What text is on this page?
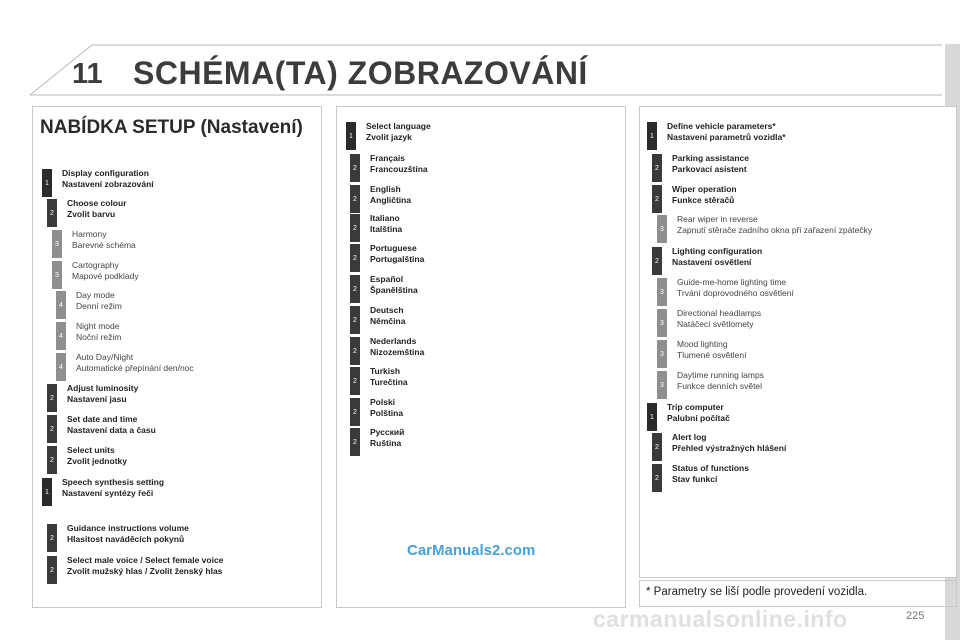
11 SCHÉMA(TA) ZOBRAZOVÁNÍ
NABÍDKA SETUP (Nastavení)
1
Display configuration
Nastavení zobrazování
2
Choose colour
Zvolit barvu
3
Harmony
Barevné schéma
3
Cartography
Mapové podklady
4
Day mode
Denní režim
4
Night mode
Noční režim
4
Auto Day/Night
Automatické přepínání den/noc
2
Adjust luminosity
Nastavení jasu
2
Set date and time
Nastavení data a času
2
Select units
Zvolit jednotky
1
Speech synthesis setting
Nastavení syntézy řeči
2
Guidance instructions volume
Hlasitost naváděcích pokynů
2
Select male voice / Select female voice
Zvolit mužský hlas / Zvolit ženský hlas
1
Select language
Zvolit jazyk
2
Français
Francouzština
2
English
Angličtina
2
Italiano
Italština
2
Portuguese
Portugalština
2
Español
Španělština
2
Deutsch
Němčina
2
Nederlands
Nizozemština
2
Turkish
Turečtina
2
Polski
Polština
2
Русский
Ruština
1
Define vehicle parameters*
Nastavení parametrů vozidla*
2
Parking assistance
Parkovací asistent
2
Wiper operation
Funkce stěračů
3
Rear wiper in reverse
Zapnutí stěrače zadního okna při zařazení zpátečky
2
Lighting configuration
Nastavení osvětlení
3
Guide-me-home lighting time
Trvání doprovodného osvětlení
3
Directional headlamps
Natáčecí světlomety
3
Mood lighting
Tlumené osvětlení
3
Daytime running lamps
Funkce denních světel
1
Trip computer
Palubní počítač
2
Alert log
Přehled výstražných hlášení
2
Status of functions
Stav funkcí
* Parametry se liší podle provedení vozidla.
CarManuals2.com
carmanualsonline.info	225
